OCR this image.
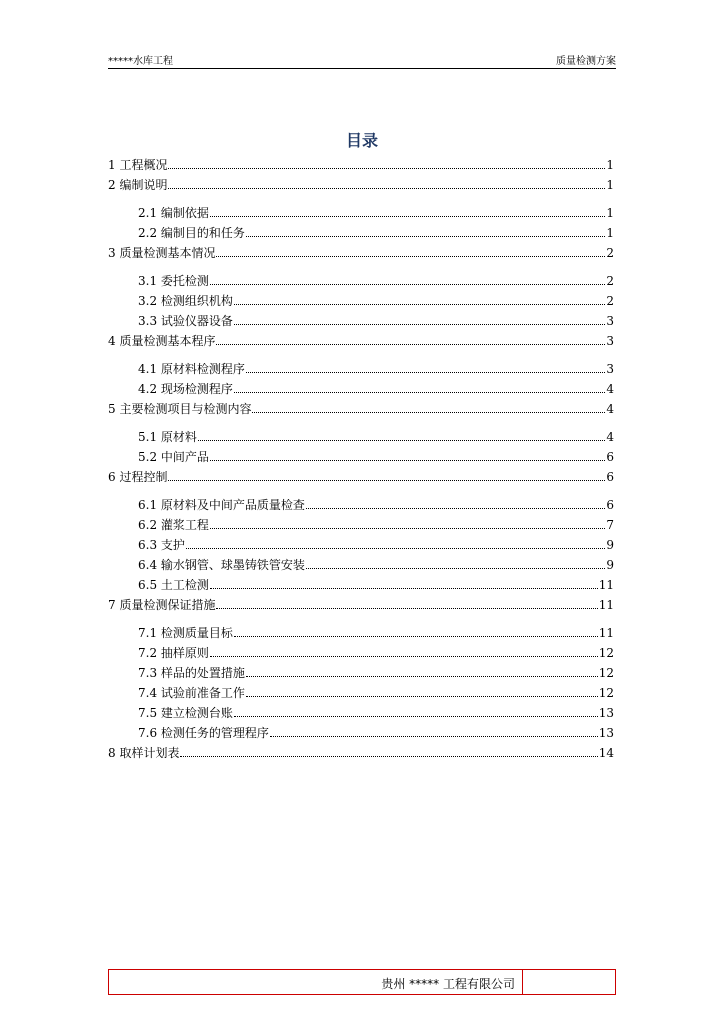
*****水库工程	质量检测方案
目录
1 工程概况	1
2 编制说明	1
2.1 编制依据	1
2.2 编制目的和任务	1
3 质量检测基本情况	2
3.1 委托检测	2
3.2 检测组织机构	2
3.3 试验仪器设备	3
4 质量检测基本程序	3
4.1 原材料检测程序	3
4.2 现场检测程序	4
5 主要检测项目与检测内容	4
5.1 原材料	4
5.2 中间产品	6
6 过程控制	6
6.1 原材料及中间产品质量检查	6
6.2 灌浆工程	7
6.3 支护	9
6.4 输水钢管、球墨铸铁管安装	9
6.5 土工检测	11
7 质量检测保证措施	11
7.1 检测质量目标	11
7.2 抽样原则	12
7.3 样品的处置措施	12
7.4 试验前准备工作	12
7.5 建立检测台账	13
7.6 检测任务的管理程序	13
8 取样计划表	14
贵州 ***** 工程有限公司
